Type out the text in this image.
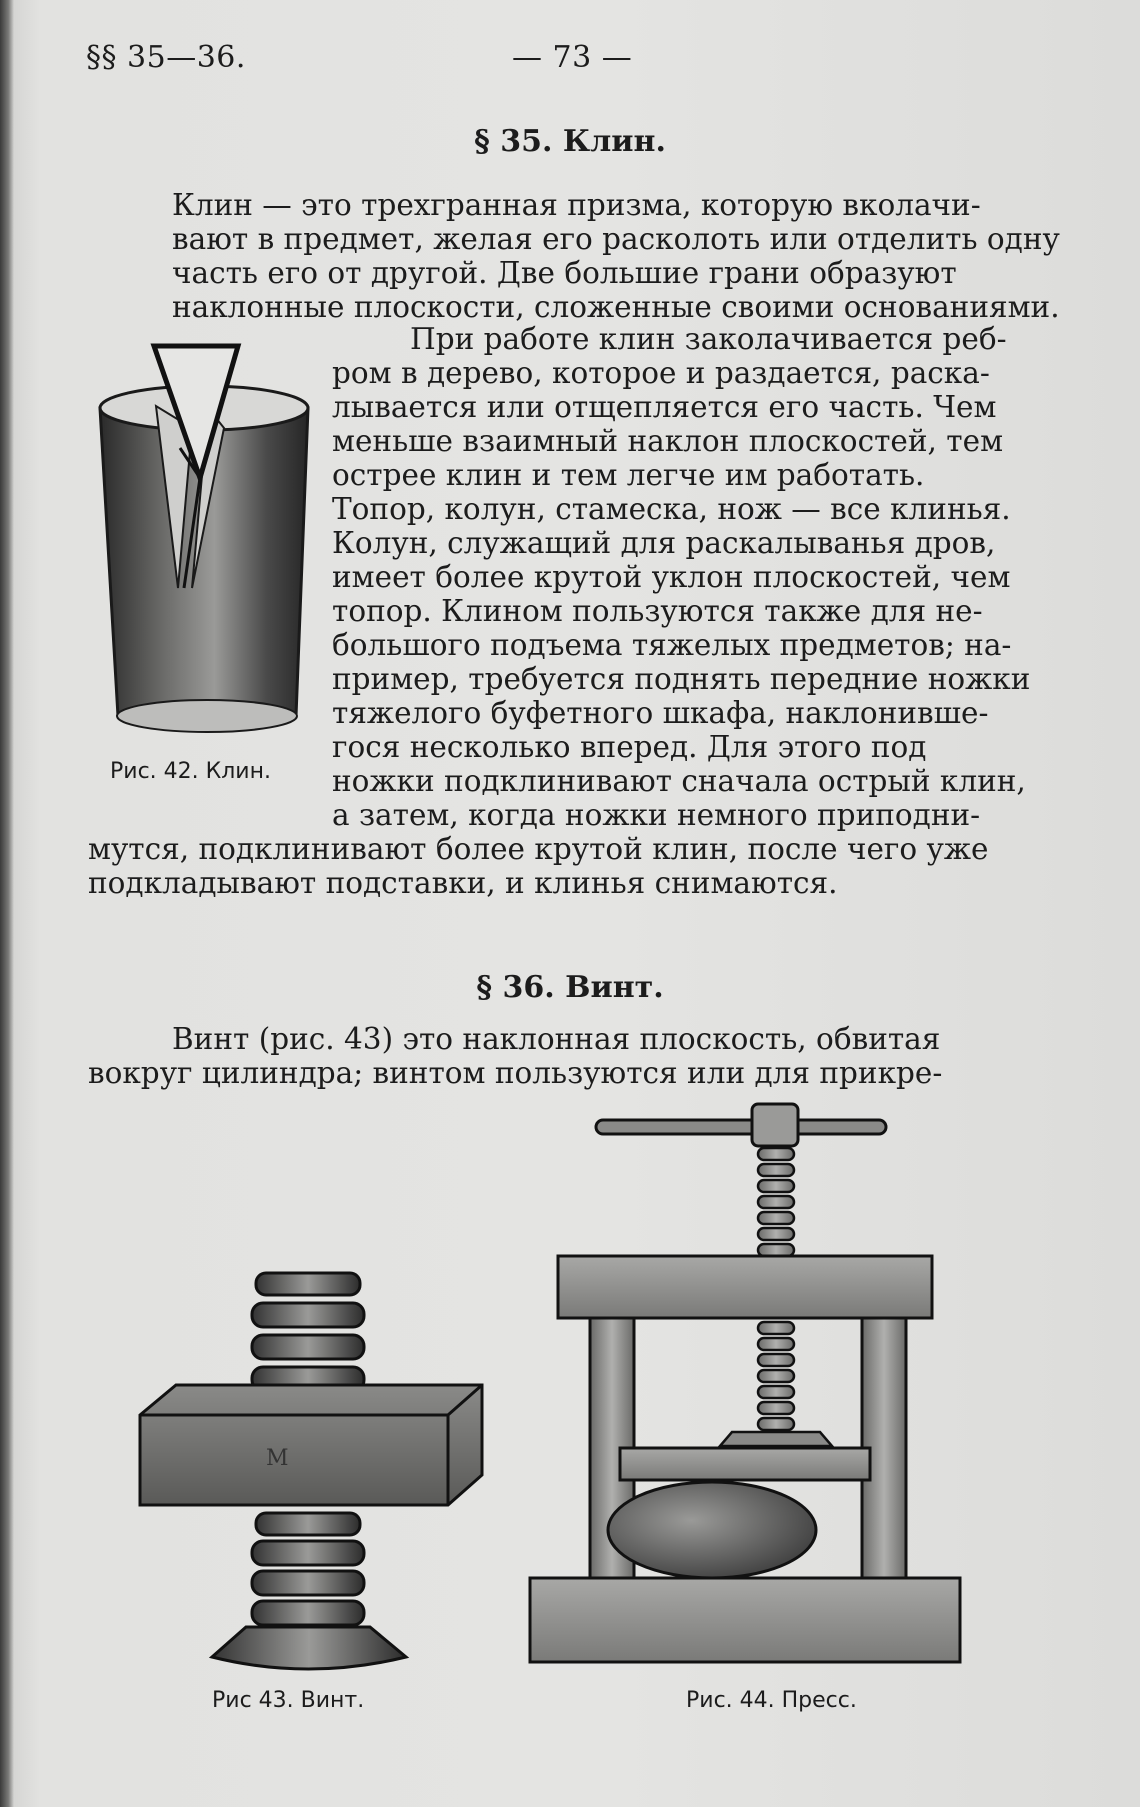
§§ 35—36.	— 73 —
§ 35. Клин.
Клин — это трехгранная призма, которую вколачи-
вают в предмет, желая его расколоть или отделить одну
часть его от другой. Две большие грани образуют
наклонные плоскости, сложенные своими основаниями.
Рис. 42. Клин.
При работе клин заколачивается реб-
ром в дерево, которое и раздается, раска-
лывается или отщепляется его часть. Чем
меньше взаимный наклон плоскостей, тем
острее клин и тем легче им работать.
Топор, колун, стамеска, нож — все клинья.
Колун, служащий для раскалыванья дров,
имеет более крутой уклон плоскостей, чем
топор. Клином пользуются также для не-
большого подъема тяжелых предметов; на-
пример, требуется поднять передние ножки
тяжелого буфетного шкафа, наклонивше-
гося несколько вперед. Для этого под
ножки подклинивают сначала острый клин,
а затем, когда ножки немного приподни-
мутся, подклинивают более крутой клин, после чего уже
подкладывают подставки, и клинья снимаются.
§ 36. Винт.
Винт (рис. 43) это наклонная плоскость, обвитая
вокруг цилиндра; винтом пользуются или для прикре-
M
Рис 43. Винт.	Рис. 44. Пресс.
